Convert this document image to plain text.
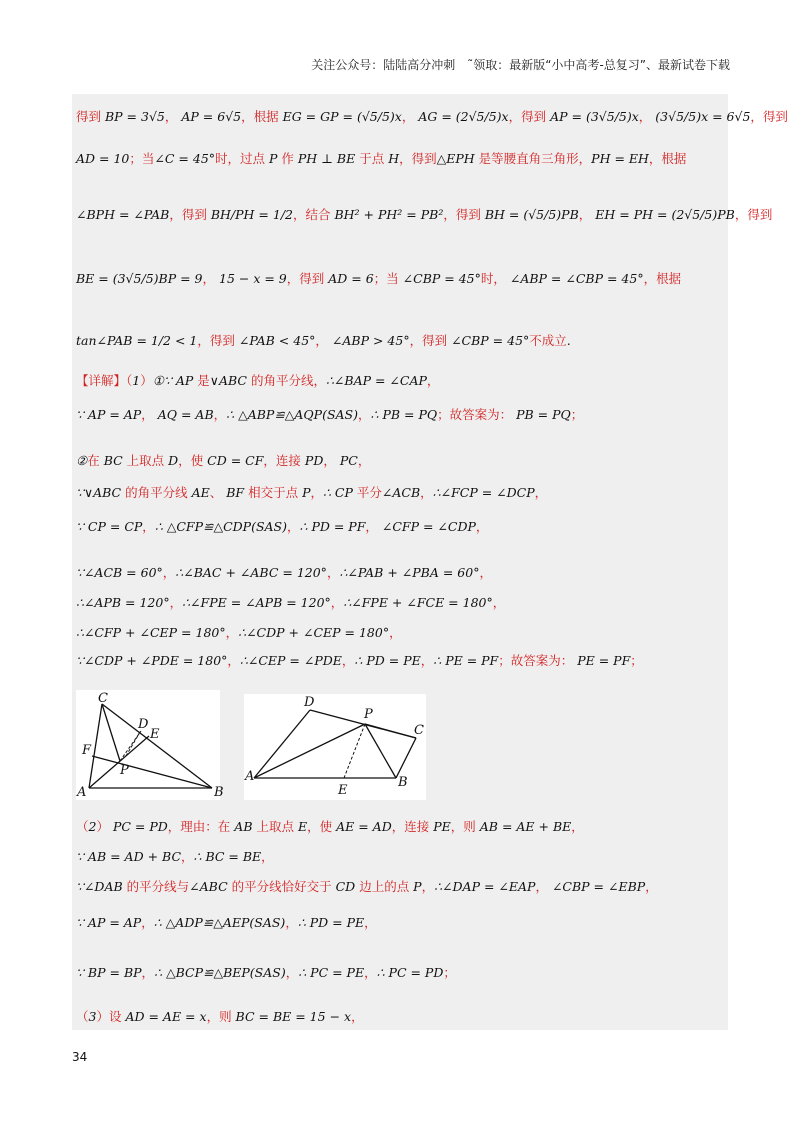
关注公众号：陆陆高分冲刺　˜领取：最新版“小中高考-总复习”、最新试卷下载
得到 BP = 3√5， AP = 6√5，根据 EG = GP = (√5/5)x， AG = (2√5/5)x，得到 AP = (3√5/5)x， (3√5/5)x = 6√5，得到
AD = 10；当∠C = 45°时，过点 P 作 PH ⊥ BE 于点 H，得到△EPH 是等腰直角三角形，PH = EH，根据
∠BPH = ∠PAB，得到 BH/PH = 1/2，结合 BH² + PH² = PB²，得到 BH = (√5/5)PB， EH = PH = (2√5/5)PB，得到
BE = (3√5/5)BP = 9， 15 − x = 9，得到 AD = 6；当 ∠CBP = 45°时， ∠ABP = ∠CBP = 45°，根据
tan∠PAB = 1/2 < 1，得到 ∠PAB < 45°， ∠ABP > 45°，得到 ∠CBP = 45°不成立.
【详解】（1）①∵ AP 是∨ABC 的角平分线，∴∠BAP = ∠CAP，
∵ AP = AP， AQ = AB，∴ △ABP≌△AQP(SAS)，∴ PB = PQ；故答案为： PB = PQ；
②在 BC 上取点 D，使 CD = CF，连接 PD， PC，
∵∨ABC 的角平分线 AE、 BF 相交于点 P，∴ CP 平分∠ACB，∴∠FCP = ∠DCP，
∵ CP = CP，∴ △CFP≌△CDP(SAS)，∴ PD = PF， ∠CFP = ∠CDP，
∵∠ACB = 60°，∴∠BAC + ∠ABC = 120°，∴∠PAB + ∠PBA = 60°，
∴∠APB = 120°，∴∠FPE = ∠APB = 120°，∴∠FPE + ∠FCE = 180°，
∴∠CFP + ∠CEP = 180°，∴∠CDP + ∠CEP = 180°，
∵∠CDP + ∠PDE = 180°，∴∠CEP = ∠PDE，∴ PD = PE，∴ PE = PF；故答案为： PE = PF；
C
D
E
F
P
A	B
D
P
C
A
E
B
（2） PC = PD，理由：在 AB 上取点 E，使 AE = AD，连接 PE，则 AB = AE + BE，
∵ AB = AD + BC，∴ BC = BE，
∵∠DAB 的平分线与∠ABC 的平分线恰好交于 CD 边上的点 P，∴∠DAP = ∠EAP， ∠CBP = ∠EBP，
∵ AP = AP，∴ △ADP≌△AEP(SAS)，∴ PD = PE，
∵ BP = BP，∴ △BCP≌△BEP(SAS)，∴ PC = PE，∴ PC = PD；
（3）设 AD = AE = x，则 BC = BE = 15 − x，
34
